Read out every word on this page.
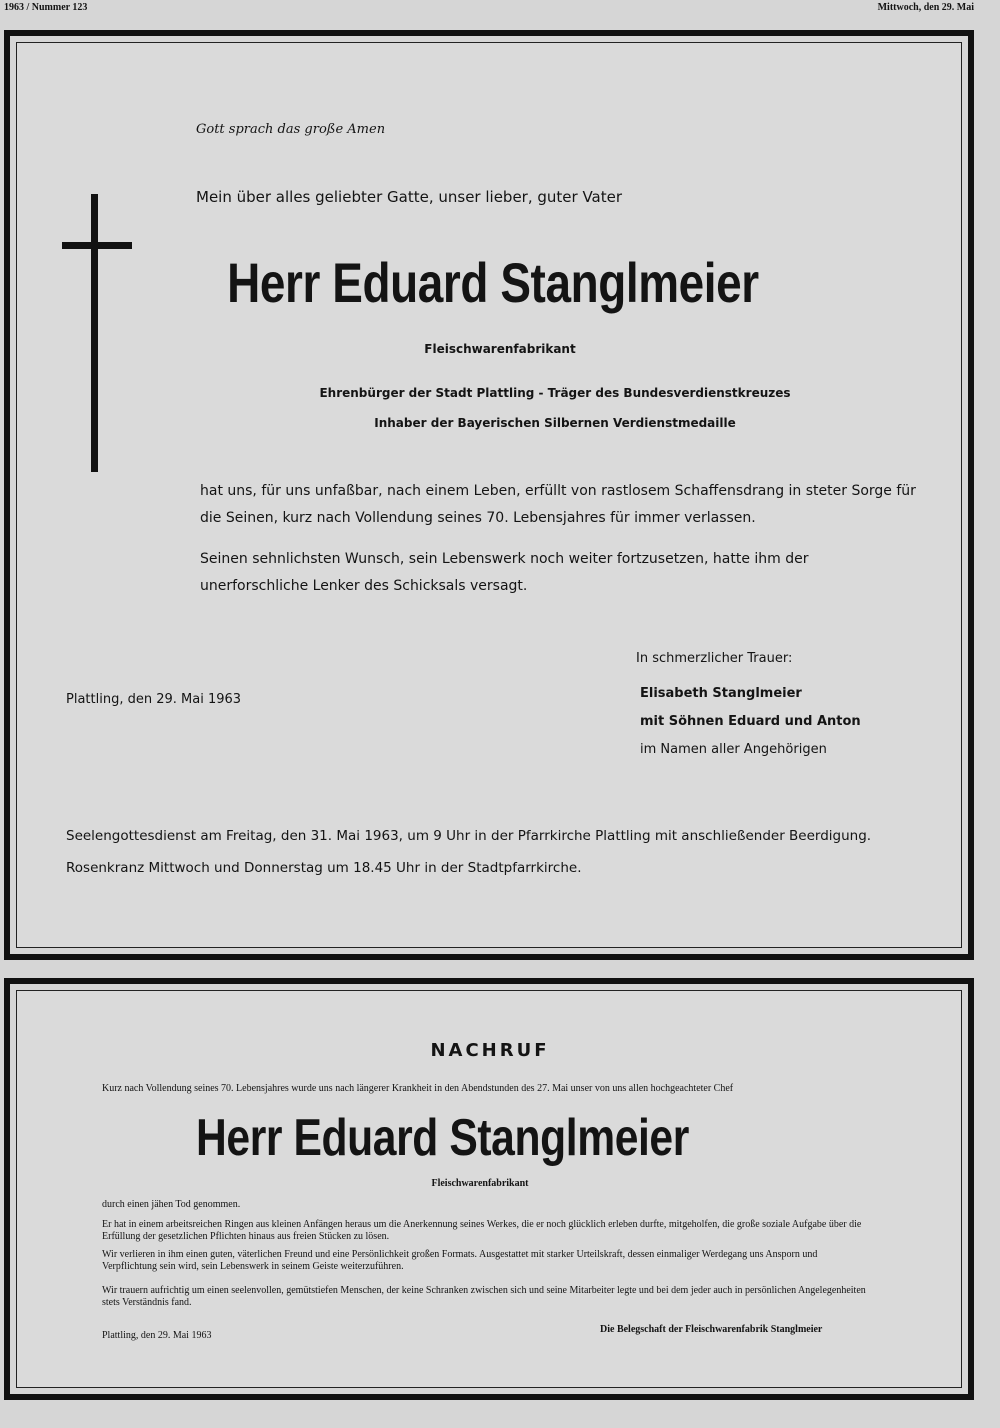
1963 / Nummer 123	Mittwoch, den 29. Mai
Gott sprach das große Amen
Mein über alles geliebter Gatte, unser lieber, guter Vater
Herr Eduard Stanglmeier
Fleischwarenfabrikant
Ehrenbürger der Stadt Plattling - Träger des Bundesverdienstkreuzes
Inhaber der Bayerischen Silbernen Verdienstmedaille
hat uns, für uns unfaßbar, nach einem Leben, erfüllt von rastlosem Schaffensdrang in steter Sorge für die Seinen, kurz nach Vollendung seines 70. Lebensjahres für immer verlassen.
Seinen sehnlichsten Wunsch, sein Lebenswerk noch weiter fortzusetzen, hatte ihm der unerforschliche Lenker des Schicksals versagt.
In schmerzlicher Trauer:
Elisabeth Stanglmeier
mit Söhnen Eduard und Anton
im Namen aller Angehörigen
Plattling, den 29. Mai 1963
Seelengottesdienst am Freitag, den 31. Mai 1963, um 9 Uhr in der Pfarrkirche Plattling mit anschließender Beerdigung.
Rosenkranz Mittwoch und Donnerstag um 18.45 Uhr in der Stadtpfarrkirche.
NACHRUF
Kurz nach Vollendung seines 70. Lebensjahres wurde uns nach längerer Krankheit in den Abendstunden des 27. Mai unser von uns allen hochgeachteter Chef
Herr Eduard Stanglmeier
Fleischwarenfabrikant
durch einen jähen Tod genommen.
Er hat in einem arbeitsreichen Ringen aus kleinen Anfängen heraus um die Anerkennung seines Werkes, die er noch glücklich erleben durfte, mitgeholfen, die große soziale Aufgabe über die Erfüllung der gesetzlichen Pflichten hinaus aus freien Stücken zu lösen.
Wir verlieren in ihm einen guten, väterlichen Freund und eine Persönlichkeit großen Formats. Ausgestattet mit starker Urteilskraft, dessen einmaliger Werdegang uns Ansporn und Verpflichtung sein wird, sein Lebenswerk in seinem Geiste weiterzuführen.
Wir trauern aufrichtig um einen seelenvollen, gemütstiefen Menschen, der keine Schranken zwischen sich und seine Mitarbeiter legte und bei dem jeder auch in persönlichen Angelegenheiten stets Verständnis fand.
Plattling, den 29. Mai 1963
Die Belegschaft der Fleischwarenfabrik Stanglmeier
